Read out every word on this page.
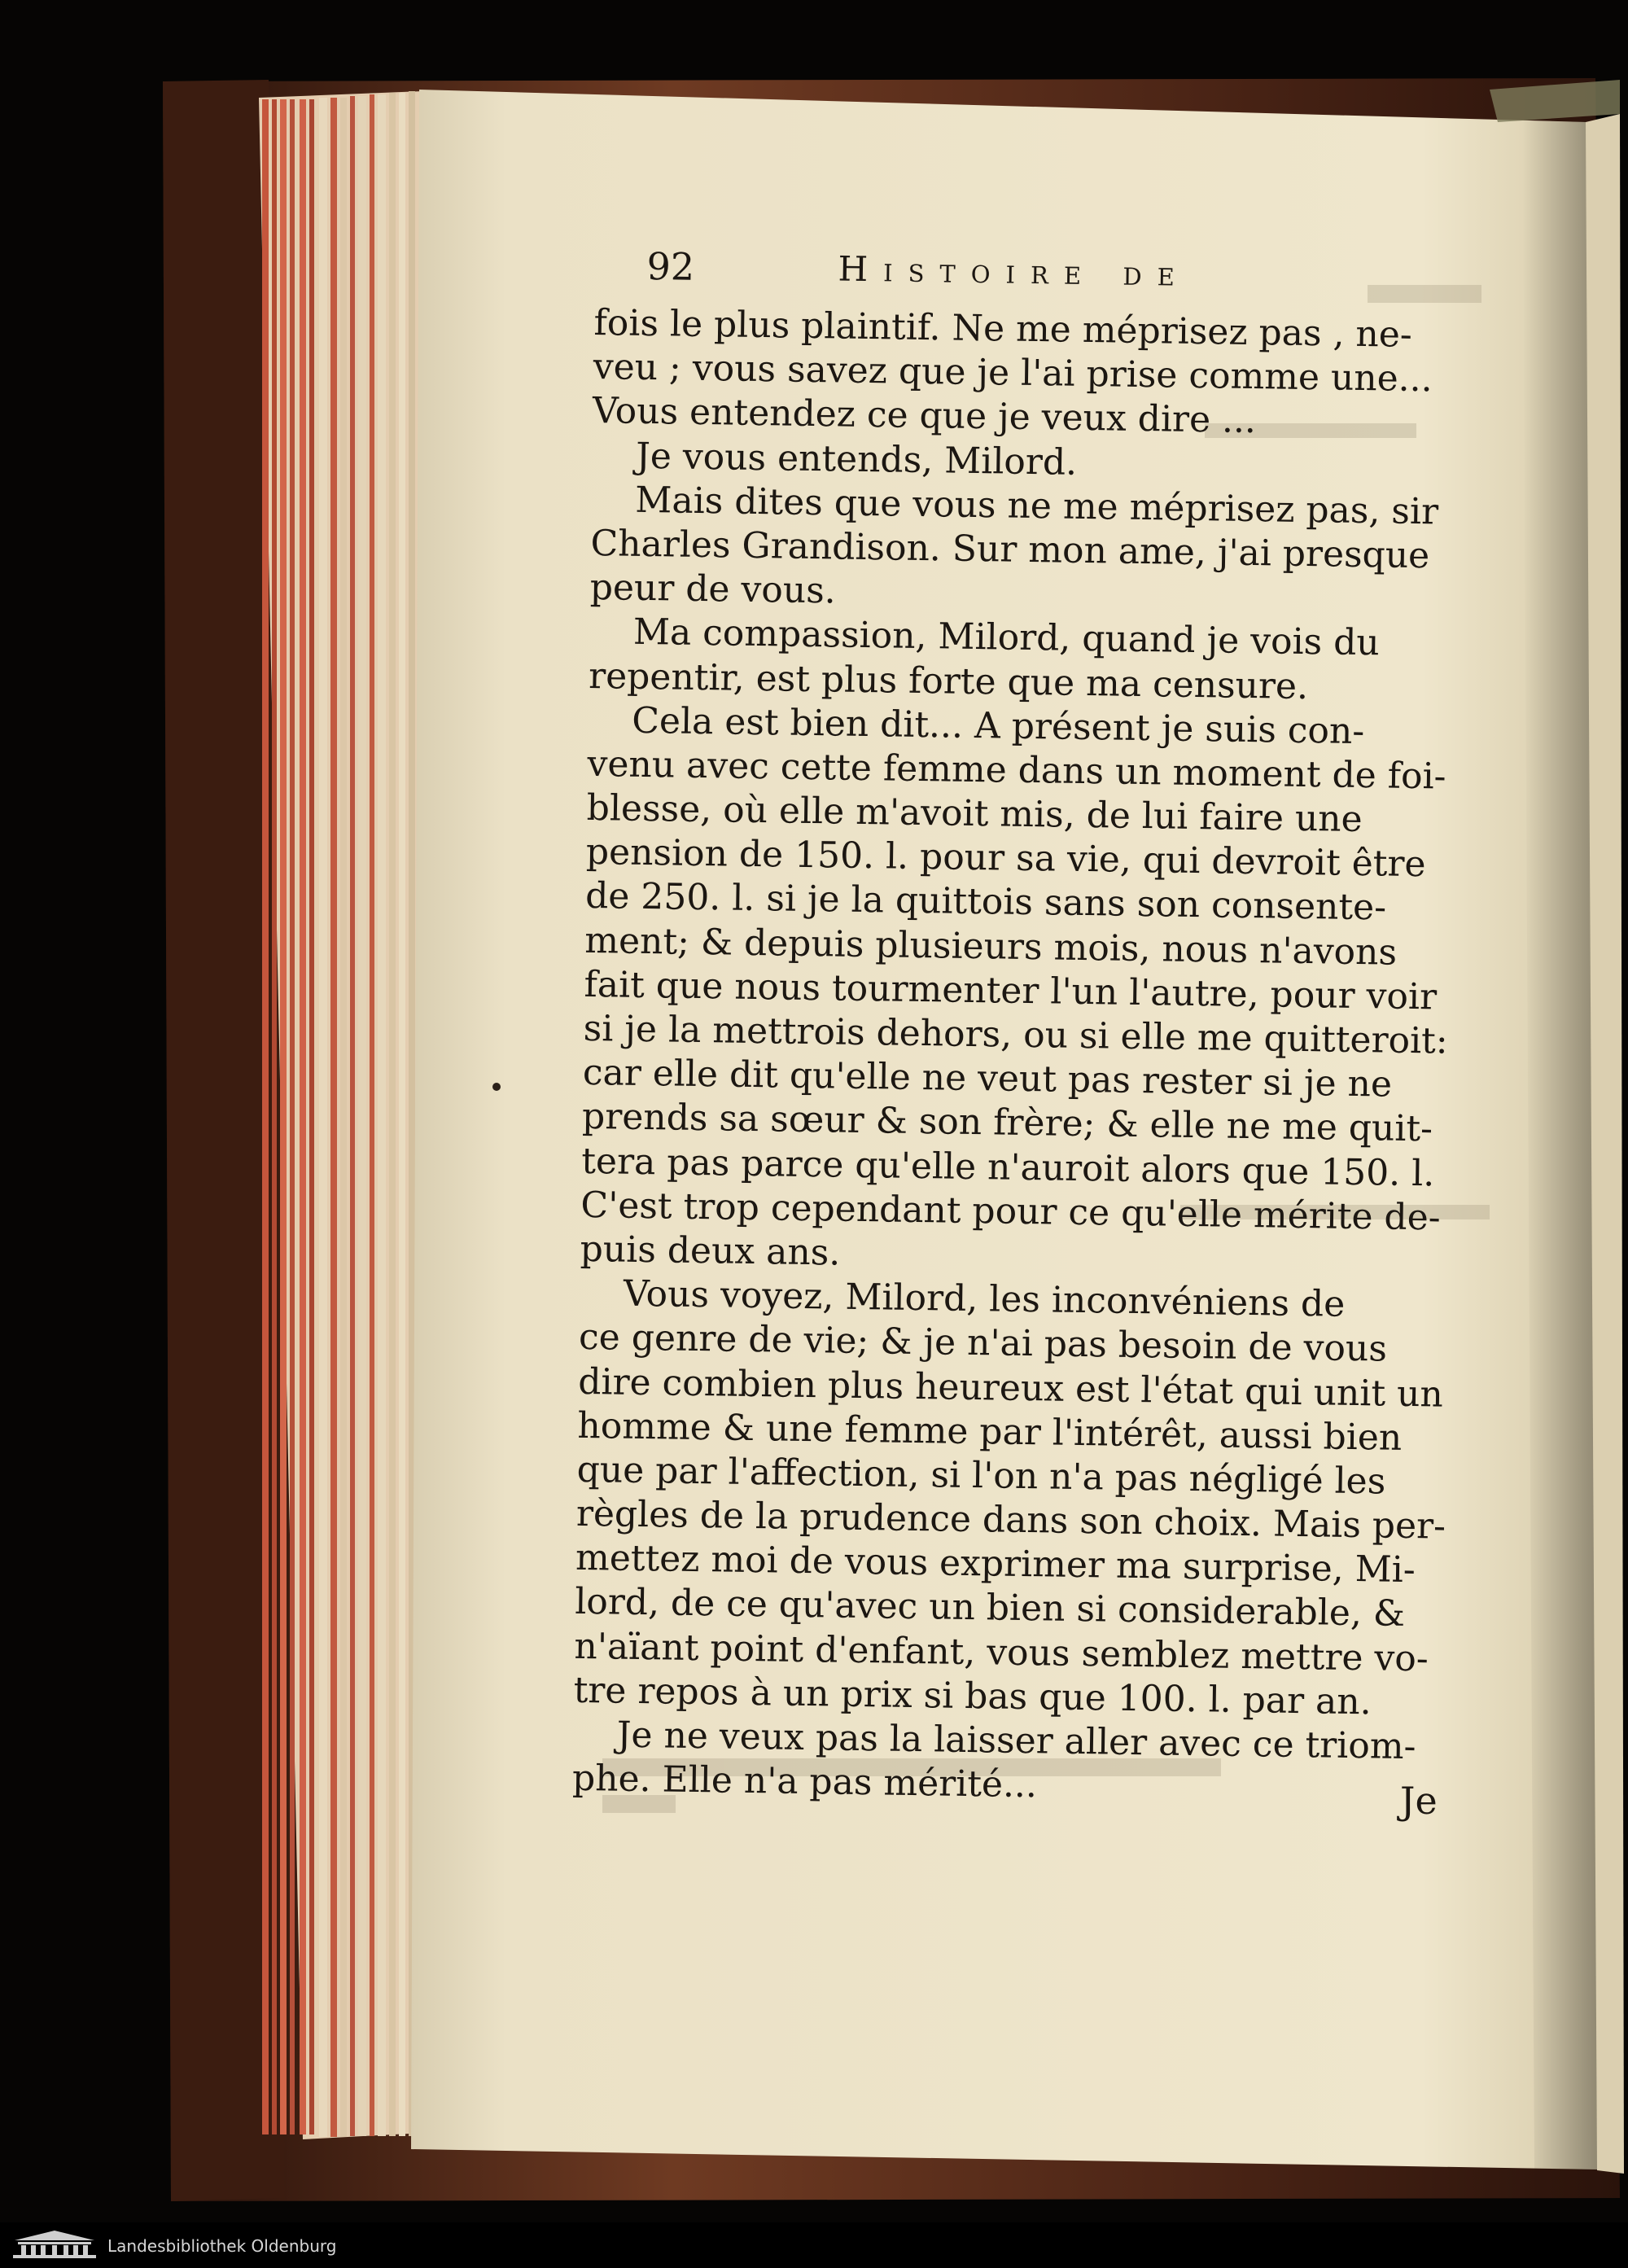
92	Histoire de
fois le plus plaintif. Ne me méprisez pas , ne-
veu ; vous savez que je l'ai prise comme une...
Vous entendez ce que je veux dire ...
Je vous entends, Milord.
Mais dites que vous ne me méprisez pas, sir
Charles Grandison. Sur mon ame, j'ai presque
peur de vous.
Ma compassion, Milord, quand je vois du
repentir, est plus forte que ma censure.
Cela est bien dit... A présent je suis con-
venu avec cette femme dans un moment de foi-
blesse, où elle m'avoit mis, de lui faire une
pension de 150. l. pour sa vie, qui devroit être
de 250. l. si je la quittois sans son consente-
ment; & depuis plusieurs mois, nous n'avons
fait que nous tourmenter l'un l'autre, pour voir
si je la mettrois dehors, ou si elle me quitteroit:
car elle dit qu'elle ne veut pas rester si je ne
prends sa sœur & son frère; & elle ne me quit-
tera pas parce qu'elle n'auroit alors que 150. l.
C'est trop cependant pour ce qu'elle mérite de-
puis deux ans.
Vous voyez, Milord, les inconvéniens de
ce genre de vie; & je n'ai pas besoin de vous
dire combien plus heureux est l'état qui unit un
homme & une femme par l'intérêt, aussi bien
que par l'affection, si l'on n'a pas négligé les
règles de la prudence dans son choix. Mais per-
mettez moi de vous exprimer ma surprise, Mi-
lord, de ce qu'avec un bien si considerable, &
n'aïant point d'enfant, vous semblez mettre vo-
tre repos à un prix si bas que 100. l. par an.
Je ne veux pas la laisser aller avec ce triom-
phe. Elle n'a pas mérité...	Je
Landesbibliothek Oldenburg
